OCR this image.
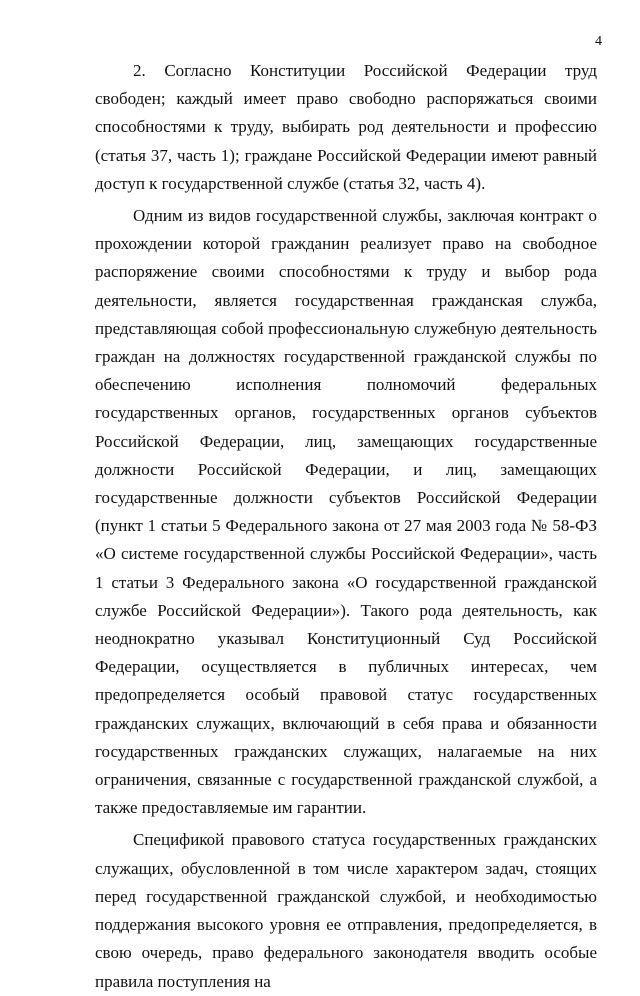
4

2. Согласно Конституции Российской Федерации труд свободен; каждый имеет право свободно распоряжаться своими способностями к труду, выбирать род деятельности и профессию (статья 37, часть 1); граждане Российской Федерации имеют равный доступ к государственной службе (статья 32, часть 4).

Одним из видов государственной службы, заключая контракт о прохождении которой гражданин реализует право на свободное распоряжение своими способностями к труду и выбор рода деятельности, является государственная гражданская служба, представляющая собой профессиональную служебную деятельность граждан на должностях государственной гражданской службы по обеспечению исполнения полномочий федеральных государственных органов, государственных органов субъектов Российской Федерации, лиц, замещающих государственные должности Российской Федерации, и лиц, замещающих государственные должности субъектов Российской Федерации (пункт 1 статьи 5 Федерального закона от 27 мая 2003 года № 58-ФЗ «О системе государственной службы Российской Федерации», часть 1 статьи 3 Федерального закона «О государственной гражданской службе Российской Федерации»). Такого рода деятельность, как неоднократно указывал Конституционный Суд Российской Федерации, осуществляется в публичных интересах, чем предопределяется особый правовой статус государственных гражданских служащих, включающий в себя права и обязанности государственных гражданских служащих, налагаемые на них ограничения, связанные с государственной гражданской службой, а также предоставляемые им гарантии.

Спецификой правового статуса государственных гражданских служащих, обусловленной в том числе характером задач, стоящих перед государственной гражданской службой, и необходимостью поддержания высокого уровня ее отправления, предопределяется, в свою очередь, право федерального законодателя вводить особые правила поступления на
